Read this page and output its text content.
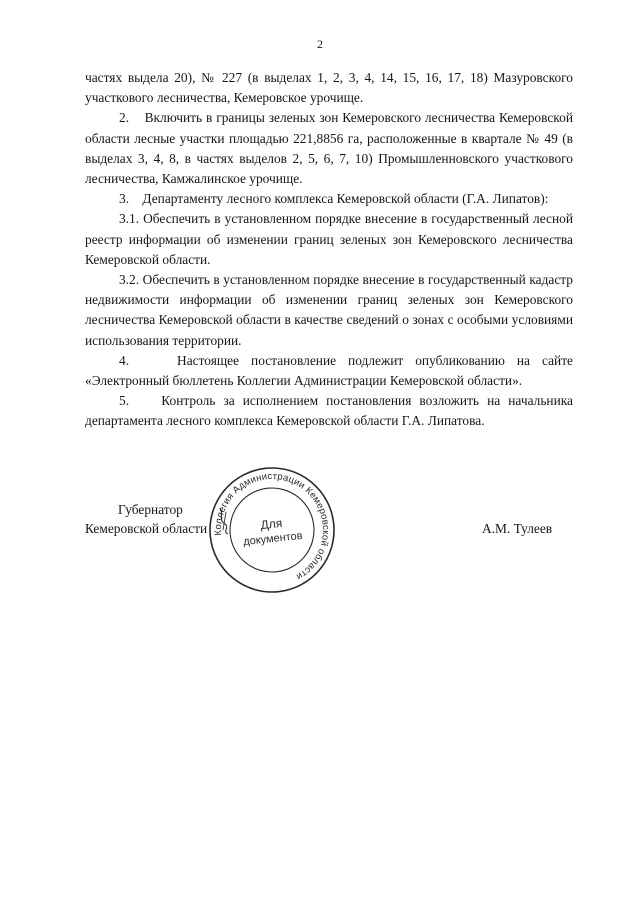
2

частях выдела 20), № 227 (в выделах 1, 2, 3, 4, 14, 15, 16, 17, 18) Мазуровского участкового лесничества, Кемеровское урочище.

2.    Включить в границы зеленых зон Кемеровского лесничества Кемеровской области лесные участки площадью 221,8856 га, расположенные в квартале № 49 (в выделах 3, 4, 8, в частях выделов 2, 5, 6, 7, 10) Промышленновского участкового лесничества, Камжалинское урочище.

3.    Департаменту лесного комплекса Кемеровской области (Г.А. Липатов):

3.1. Обеспечить в установленном порядке внесение в государственный лесной реестр информации об изменении границ зеленых зон Кемеровского лесничества Кемеровской области.

3.2. Обеспечить в установленном порядке внесение в государственный кадастр недвижимости информации об изменении границ зеленых зон Кемеровского лесничества Кемеровской области в качестве сведений о зонах с особыми условиями использования территории.

4.    Настоящее постановление подлежит опубликованию на сайте «Электронный бюллетень Коллегии Администрации Кемеровской области».

5.    Контроль за исполнением постановления возложить на начальника департамента лесного комплекса Кемеровской области Г.А. Липатова.

Губернатор
Кемеровской области	А.М. Тулеев
Коллегия Администрации Кемеровской области
Для
документов
